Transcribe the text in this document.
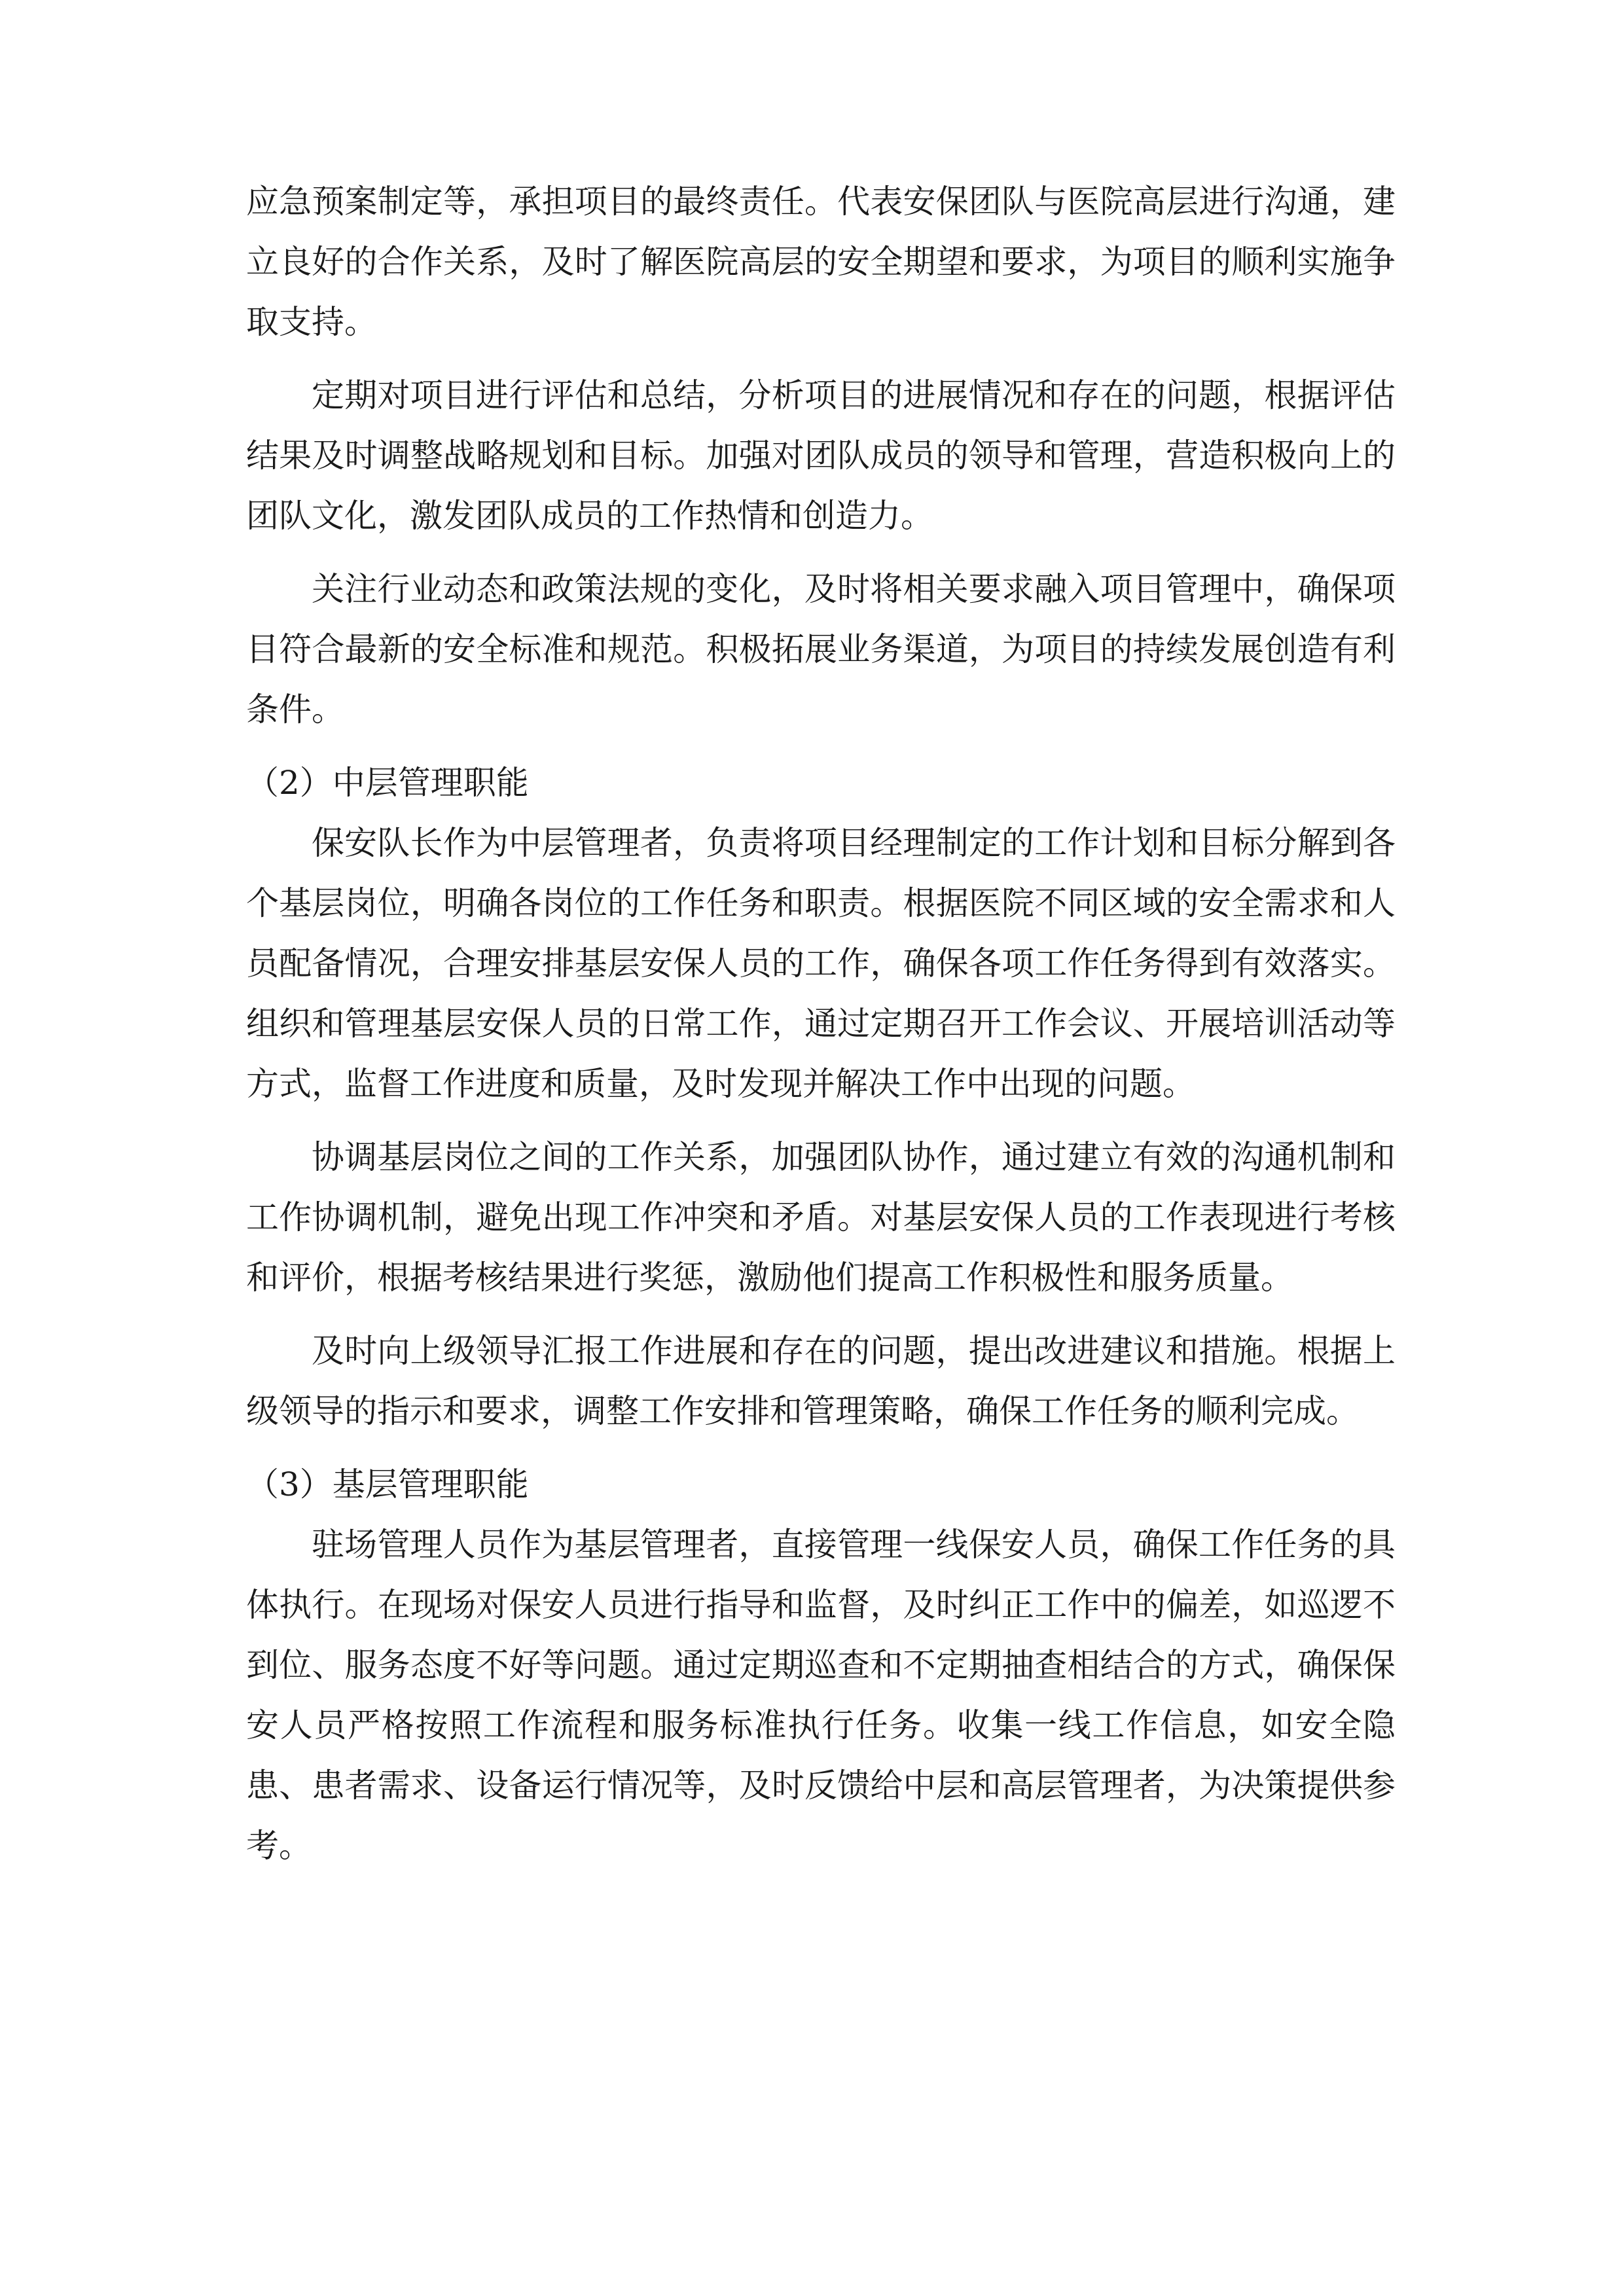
应急预案制定等，承担项目的最终责任。代表安保团队与医院高层进行沟通，建立良好的合作关系，及时了解医院高层的安全期望和要求，为项目的顺利实施争取支持。

定期对项目进行评估和总结，分析项目的进展情况和存在的问题，根据评估结果及时调整战略规划和目标。加强对团队成员的领导和管理，营造积极向上的团队文化，激发团队成员的工作热情和创造力。

关注行业动态和政策法规的变化，及时将相关要求融入项目管理中，确保项目符合最新的安全标准和规范。积极拓展业务渠道，为项目的持续发展创造有利条件。

（2）中层管理职能

保安队长作为中层管理者，负责将项目经理制定的工作计划和目标分解到各个基层岗位，明确各岗位的工作任务和职责。根据医院不同区域的安全需求和人员配备情况，合理安排基层安保人员的工作，确保各项工作任务得到有效落实。组织和管理基层安保人员的日常工作，通过定期召开工作会议、开展培训活动等方式，监督工作进度和质量，及时发现并解决工作中出现的问题。

协调基层岗位之间的工作关系，加强团队协作，通过建立有效的沟通机制和工作协调机制，避免出现工作冲突和矛盾。对基层安保人员的工作表现进行考核和评价，根据考核结果进行奖惩，激励他们提高工作积极性和服务质量。

及时向上级领导汇报工作进展和存在的问题，提出改进建议和措施。根据上级领导的指示和要求，调整工作安排和管理策略，确保工作任务的顺利完成。

（3）基层管理职能

驻场管理人员作为基层管理者，直接管理一线保安人员，确保工作任务的具体执行。在现场对保安人员进行指导和监督，及时纠正工作中的偏差，如巡逻不到位、服务态度不好等问题。通过定期巡查和不定期抽查相结合的方式，确保保安人员严格按照工作流程和服务标准执行任务。收集一线工作信息，如安全隐患、患者需求、设备运行情况等，及时反馈给中层和高层管理者，为决策提供参考。
